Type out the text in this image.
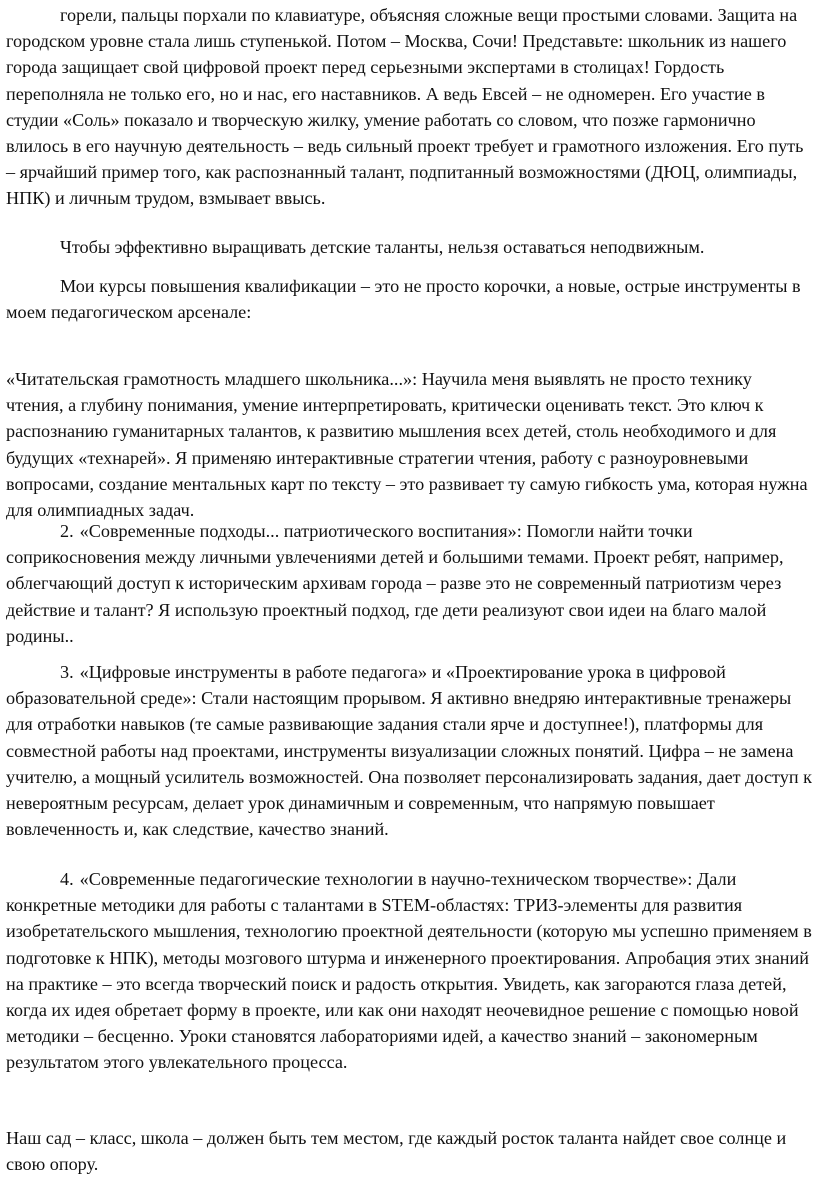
горели, пальцы порхали по клавиатуре, объясняя сложные вещи простыми словами. Защита на городском уровне стала лишь ступенькой. Потом – Москва, Сочи! Представьте: школьник из нашего города защищает свой цифровой проект перед серьезными экспертами в столицах! Гордость переполняла не только его, но и нас, его наставников. А ведь Евсей – не одномерен. Его участие в студии «Соль» показало и творческую жилку, умение работать со словом, что позже гармонично влилось в его научную деятельность – ведь сильный проект требует и грамотного изложения. Его путь – ярчайший пример того, как распознанный талант, подпитанный возможностями (ДЮЦ, олимпиады, НПК) и личным трудом, взмывает ввысь.

Чтобы эффективно выращивать детские таланты, нельзя оставаться неподвижным.

Мои курсы повышения квалификации – это не просто корочки, а новые, острые инструменты в моем педагогическом арсенале:

«Читательская грамотность младшего школьника...»: Научила меня выявлять не просто технику чтения, а глубину понимания, умение интерпретировать, критически оценивать текст. Это ключ к распознанию гуманитарных талантов, к развитию мышления всех детей, столь необходимого и для будущих «технарей». Я применяю интерактивные стратегии чтения, работу с разноуровневыми вопросами, создание ментальных карт по тексту – это развивает ту самую гибкость ума, которая нужна для олимпиадных задач.

2. «Современные подходы... патриотического воспитания»: Помогли найти точки соприкосновения между личными увлечениями детей и большими темами. Проект ребят, например, облегчающий доступ к историческим архивам города – разве это не современный патриотизм через действие и талант? Я использую проектный подход, где дети реализуют свои идеи на благо малой родины..

3. «Цифровые инструменты в работе педагога» и «Проектирование урока в цифровой образовательной среде»: Стали настоящим прорывом. Я активно внедряю интерактивные тренажеры для отработки навыков (те самые развивающие задания стали ярче и доступнее!), платформы для совместной работы над проектами, инструменты визуализации сложных понятий. Цифра – не замена учителю, а мощный усилитель возможностей. Она позволяет персонализировать задания, дает доступ к невероятным ресурсам, делает урок динамичным и современным, что напрямую повышает вовлеченность и, как следствие, качество знаний.

4. «Современные педагогические технологии в научно-техническом творчестве»: Дали конкретные методики для работы с талантами в STEM-областях: ТРИЗ-элементы для развития изобретательского мышления, технологию проектной деятельности (которую мы успешно применяем в подготовке к НПК), методы мозгового штурма и инженерного проектирования. Апробация этих знаний на практике – это всегда творческий поиск и радость открытия. Увидеть, как загораются глаза детей, когда их идея обретает форму в проекте, или как они находят неочевидное решение с помощью новой методики – бесценно. Уроки становятся лабораториями идей, а качество знаний – закономерным результатом этого увлекательного процесса.

Наш сад – класс, школа – должен быть тем местом, где каждый росток таланта найдет свое солнце и свою опору.
